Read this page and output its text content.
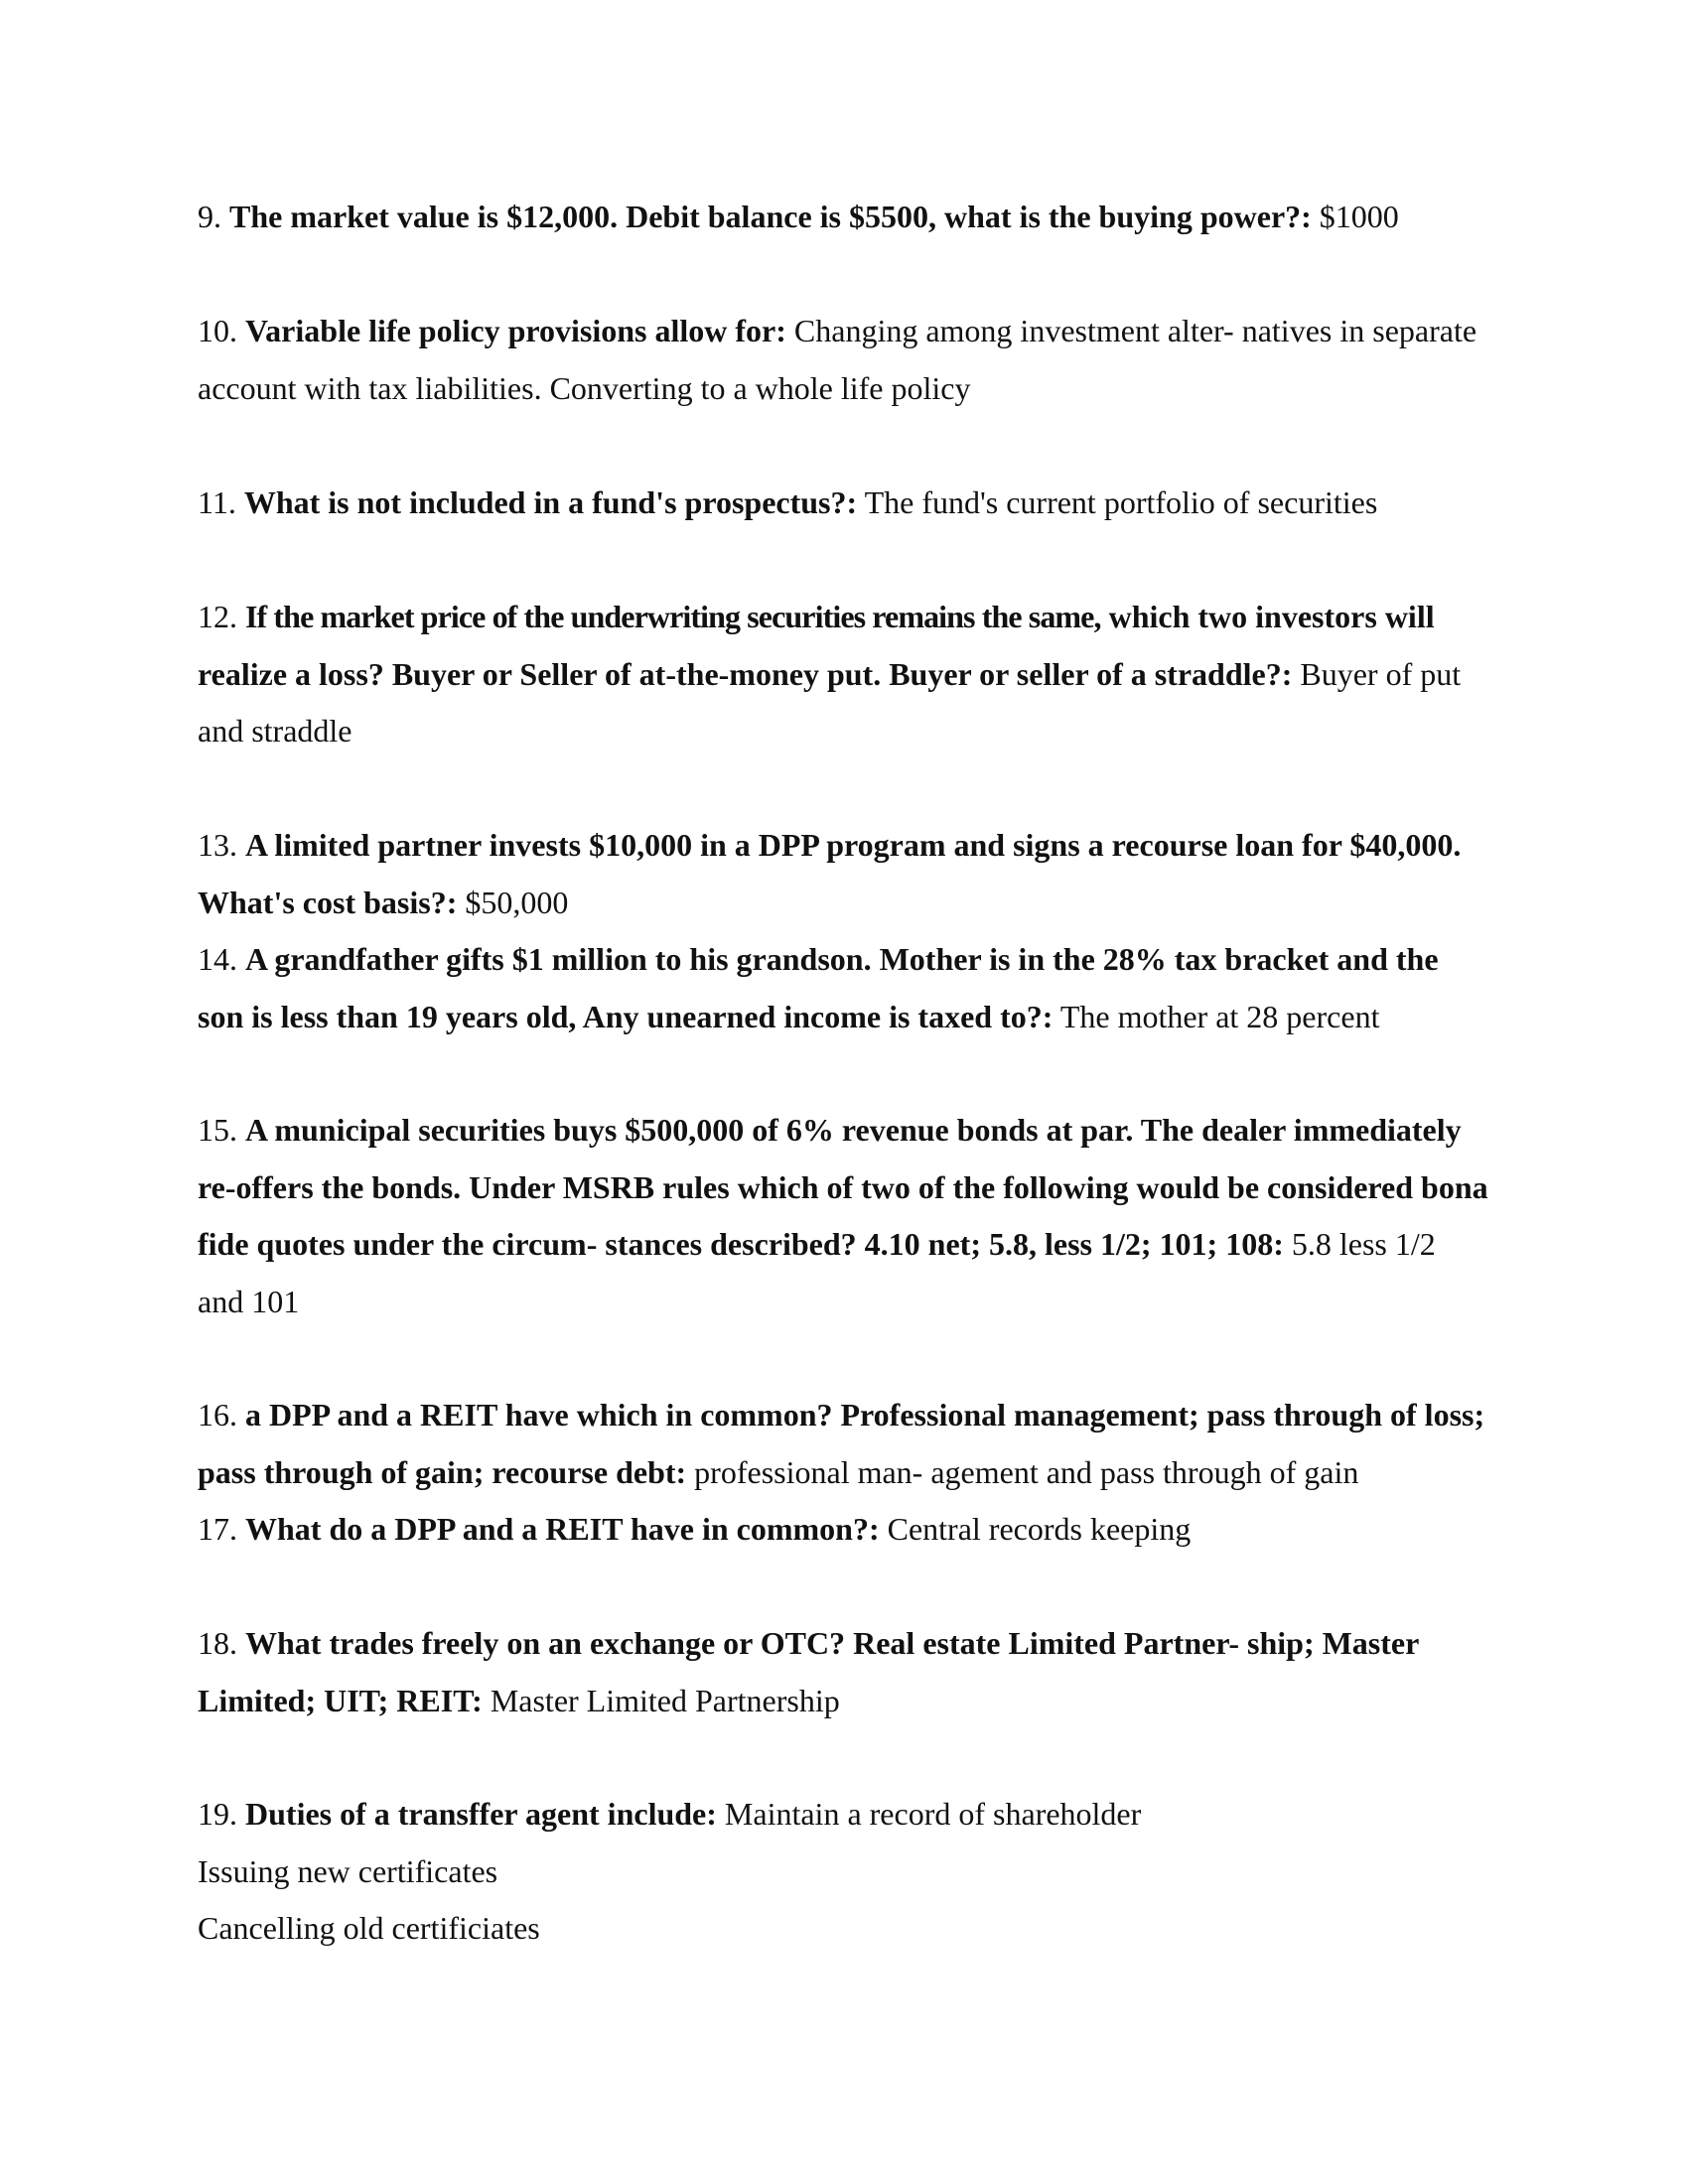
9. The market value is $12,000. Debit balance is $5500, what is the buying power?: $1000

10. Variable life policy provisions allow for: Changing among investment alter- natives in separate account with tax liabilities. Converting to a whole life policy

11. What is not included in a fund's prospectus?: The fund's current portfolio of securities

12. If the market price of the underwriting securities remains the same, which two investors will realize a loss? Buyer or Seller of at-the-money put. Buyer or seller of a straddle?: Buyer of put and straddle

13. A limited partner invests $10,000 in a DPP program and signs a recourse loan for $40,000. What's cost basis?: $50,000

14. A grandfather gifts $1 million to his grandson. Mother is in the 28% tax bracket and the son is less than 19 years old, Any unearned income is taxed to?: The mother at 28 percent

15. A municipal securities buys $500,000 of 6% revenue bonds at par. The dealer immediately re-offers the bonds. Under MSRB rules which of two of the following would be considered bona fide quotes under the circum- stances described? 4.10 net; 5.8, less 1/2; 101; 108: 5.8 less 1/2 and 101

16. a DPP and a REIT have which in common? Professional management; pass through of loss; pass through of gain; recourse debt: professional man- agement and pass through of gain

17. What do a DPP and a REIT have in common?: Central records keeping

18. What trades freely on an exchange or OTC? Real estate Limited Partner- ship; Master Limited; UIT; REIT: Master Limited Partnership

19. Duties of a transffer agent include: Maintain a record of shareholder
Issuing new certificates
Cancelling old certificiates
